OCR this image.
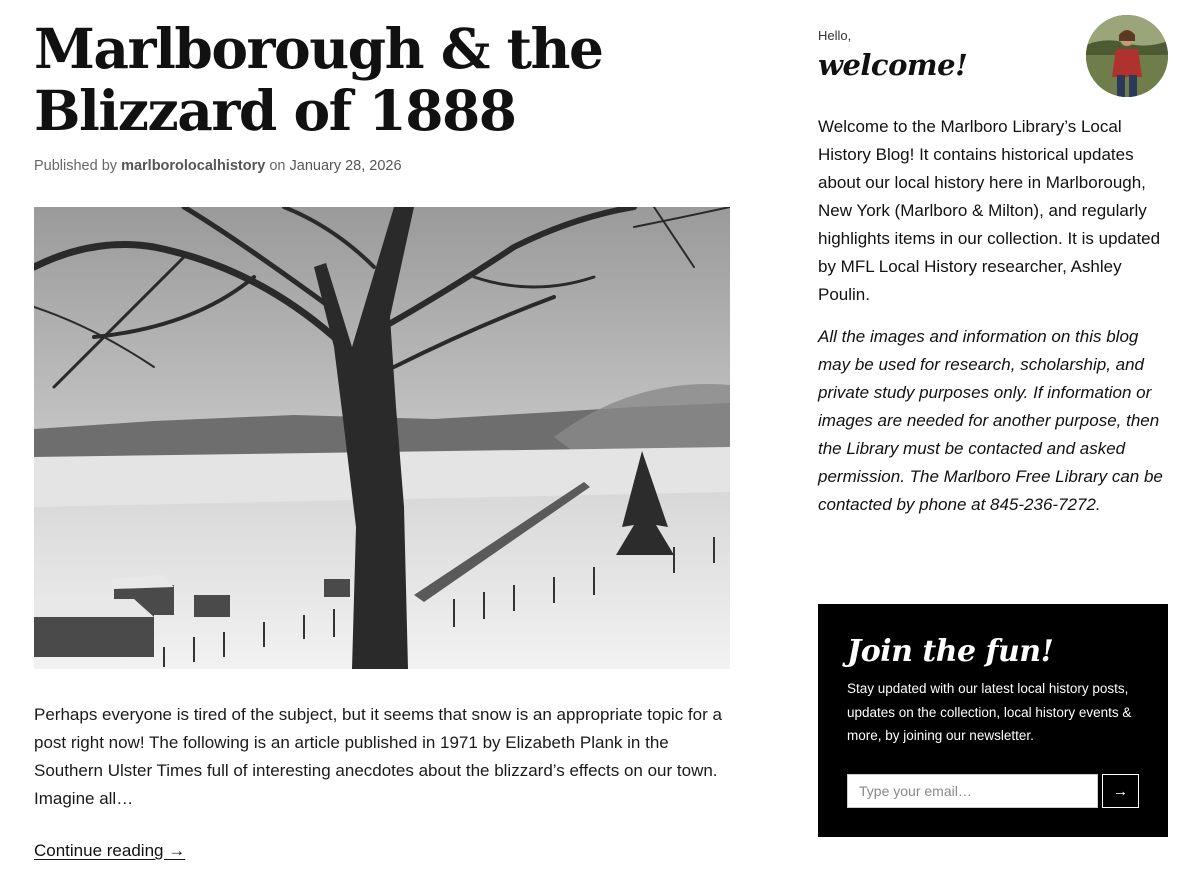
Marlborough & the Blizzard of 1888
Published by marlborolocalhistory on January 28, 2026

Perhaps everyone is tired of the subject, but it seems that snow is an appropriate topic for a post right now! The following is an article published in 1971 by Elizabeth Plank in the Southern Ulster Times full of interesting anecdotes about the blizzard’s effects on our town. Imagine all…

Continue reading →
Hello,
welcome!

Welcome to the Marlboro Library’s Local History Blog! It contains historical updates about our local history here in Marlborough, New York (Marlboro & Milton), and regularly highlights items in our collection. It is updated by MFL Local History researcher, Ashley Poulin.

All the images and information on this blog may be used for research, scholarship, and private study purposes only. If information or images are needed for another purpose, then the Library must be contacted and asked permission. The Marlboro Free Library can be contacted by phone at 845-236-7272.

Join the fun!

Stay updated with our latest local history posts, updates on the collection, local history events & more, by joining our newsletter.

Type your email…
→
